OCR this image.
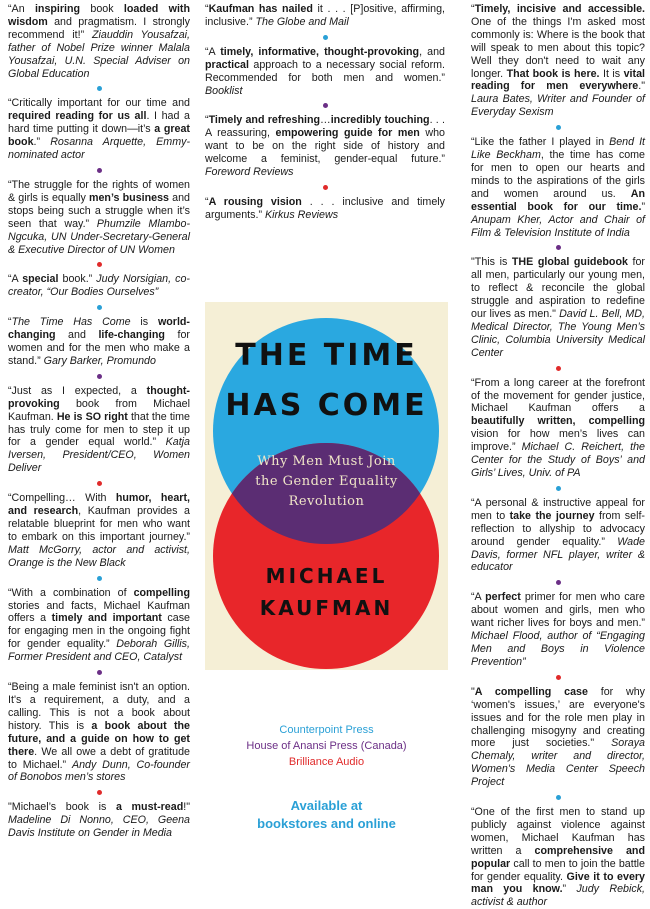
“An inspiring book loaded with wisdom and pragmatism. I strongly recommend it!” Ziauddin Yousafzai, father of Nobel Prize winner Malala Yousafzai, U.N. Special Adviser on Global Education
“Critically important for our time and required reading for us all. I had a hard time putting it down—it’s a great book.” Rosanna Arquette, Emmy-nominated actor
“The struggle for the rights of women & girls is equally men’s business and stops being such a struggle when it’s seen that way.” Phumzile Mlambo-Ngcuka, UN Under-Secretary-General & Executive Director of UN Women
“A special book.” Judy Norsigian, co-creator, “Our Bodies Ourselves”
“The Time Has Come is world-changing and life-changing for women and for the men who make a stand.” Gary Barker, Promundo
“Just as I expected, a thought-provoking book from Michael Kaufman. He is SO right that the time has truly come for men to step it up for a gender equal world.” Katja Iversen, President/CEO, Women Deliver
“Compelling… With humor, heart, and research, Kaufman provides a relatable blueprint for men who want to embark on this important journey.” Matt McGorry, actor and activist, Orange is the New Black
“With a combination of compelling stories and facts, Michael Kaufman offers a timely and important case for engaging men in the ongoing fight for gender equality.” Deborah Gillis, Former President and CEO, Catalyst
“Being a male feminist isn't an option. It's a requirement, a duty, and a calling. This is not a book about history. This is a book about the future, and a guide on how to get there. We all owe a debt of gratitude to Michael.” Andy Dunn, Co-founder of Bonobos men’s stores
"Michael’s book is a must-read!" Madeline Di Nonno, CEO, Geena Davis Institute on Gender in Media
“Kaufman has nailed it . . . [P]ositive, affirming, inclusive.” The Globe and Mail
“A timely, informative, thought-provoking, and practical approach to a necessary social reform. Recommended for both men and women.” Booklist
“Timely and refreshing…incredibly touching. . . A reassuring, empowering guide for men who want to be on the right side of history and welcome a feminist, gender-equal future.” Foreword Reviews
“A rousing vision . . . inclusive and timely arguments.” Kirkus Reviews
“Timely, incisive and accessible. One of the things I'm asked most commonly is: Where is the book that will speak to men about this topic? Well they don't need to wait any longer. That book is here. It is vital reading for men everywhere." Laura Bates, Writer and Founder of Everyday Sexism
“Like the father I played in Bend It Like Beckham, the time has come for men to open our hearts and minds to the aspirations of the girls and women around us. An essential book for our time.” Anupam Kher, Actor and Chair of Film & Television Institute of India
"This is THE global guidebook for all men, particularly our young men, to reflect & reconcile the global struggle and aspiration to redefine our lives as men." David L. Bell, MD, Medical Director, The Young Men’s Clinic, Columbia University Medical Center
“From a long career at the forefront of the movement for gender justice, Michael Kaufman offers a beautifully written, compelling vision for how men’s lives can improve.” Michael C. Reichert, the Center for the Study of Boys’ and Girls’ Lives, Univ. of PA
“A personal & instructive appeal for men to take the journey from self-reflection to allyship to advocacy around gender equality.” Wade Davis, former NFL player, writer & educator
“A perfect primer for men who care about women and girls, men who want richer lives for boys and men.” Michael Flood, author of “Engaging Men and Boys in Violence Prevention”
"A compelling case for why ‘women's issues,’ are everyone's issues and for the role men play in challenging misogyny and creating more just societies." Soraya Chemaly, writer and director, Women's Media Center Speech Project
“One of the first men to stand up publicly against violence against women, Michael Kaufman has written a comprehensive and popular call to men to join the battle for gender equality. Give it to every man you know.” Judy Rebick, activist & author
THE TIME
HAS COME
Why Men Must Join
the Gender Equality
Revolution
MICHAEL
KAUFMAN
Counterpoint Press
House of Anansi Press (Canada)
Brilliance Audio
Available at
bookstores and online
